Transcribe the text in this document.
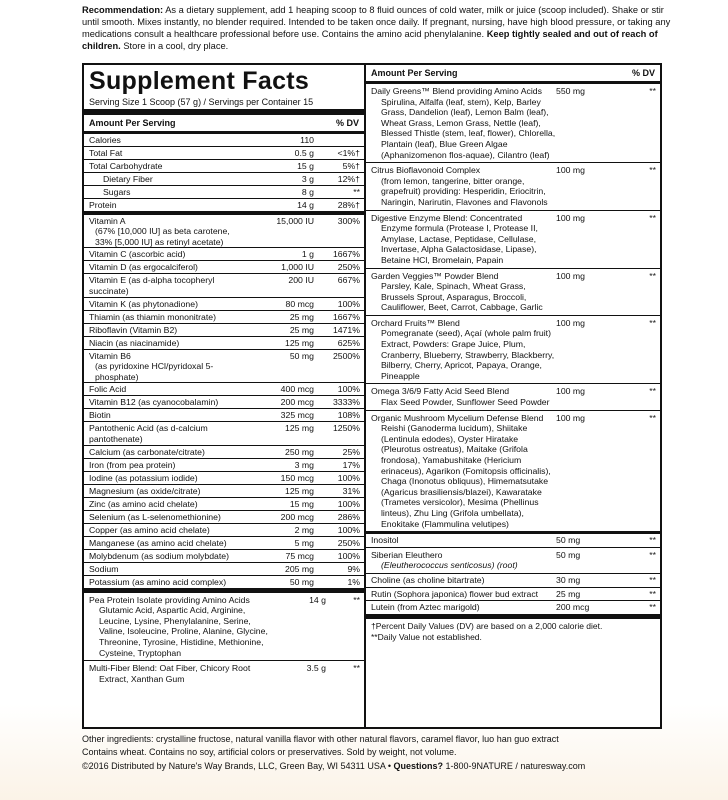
Recommendation: As a dietary supplement, add 1 heaping scoop to 8 fluid ounces of cold water, milk or juice (scoop included). Shake or stir until smooth. Mixes instantly, no blender required. Intended to be taken once daily. If pregnant, nursing, have high blood pressure, or taking any medications consult a healthcare professional before use. Contains the amino acid phenylalanine. Keep tightly sealed and out of reach of children. Store in a cool, dry place.
Supplement Facts
Serving Size 1 Scoop (57 g) / Servings per Container 15
Amount Per Serving	% DV
Calories	110
Total Fat	0.5 g	<1%†
Total Carbohydrate	15 g	5%†
Dietary Fiber	3 g	12%†
Sugars	8 g	**
Protein	14 g	28%†
Vitamin A
(67% [10,000 IU] as beta carotene,
33% [5,000 IU] as retinyl acetate)
15,000 IU	300%
Vitamin C (ascorbic acid)	1 g	1667%
Vitamin D (as ergocalciferol)	1,000 IU	250%
Vitamin E (as d-alpha tocopheryl succinate)
200 IU	667%
Vitamin K (as phytonadione)	80 mcg	100%
Thiamin (as thiamin mononitrate)	25 mg	1667%
Riboflavin (Vitamin B2)	25 mg	1471%
Niacin (as niacinamide)	125 mg	625%
Vitamin B6
(as pyridoxine HCl/pyridoxal 5-phosphate)
50 mg	2500%
Folic Acid	400 mcg	100%
Vitamin B12 (as cyanocobalamin)	200 mcg	3333%
Biotin	325 mcg	108%
Pantothenic Acid (as d-calcium pantothenate)
125 mg	1250%
Calcium (as carbonate/citrate)	250 mg	25%
Iron (from pea protein)	3 mg	17%
Iodine (as potassium iodide)	150 mcg	100%
Magnesium (as oxide/citrate)	125 mg	31%
Zinc (as amino acid chelate)	15 mg	100%
Selenium (as L-selenomethionine)	200 mcg	286%
Copper (as amino acid chelate)	2 mg	100%
Manganese (as amino acid chelate)	5 mg	250%
Molybdenum (as sodium molybdate)	75 mcg	100%
Sodium	205 mg	9%
Potassium (as amino acid complex)	50 mg	1%
Pea Protein Isolate providing Amino Acids
Glutamic Acid, Aspartic Acid, Arginine, Leucine, Lysine, Phenylalanine, Serine, Valine, Isoleucine, Proline, Alanine, Glycine, Threonine, Tyrosine, Histidine, Methionine, Cysteine, Tryptophan
14 g	**
Multi-Fiber Blend: Oat Fiber, Chicory Root
Extract, Xanthan Gum
3.5 g	**
Amount Per Serving	% DV
Daily Greens™ Blend providing Amino Acids
Spirulina, Alfalfa (leaf, stem), Kelp, Barley Grass, Dandelion (leaf), Lemon Balm (leaf), Wheat Grass, Lemon Grass, Nettle (leaf), Blessed Thistle (stem, leaf, flower), Chlorella, Plantain (leaf), Blue Green Algae (Aphanizomenon flos-aquae), Cilantro (leaf)
550 mg	**
Citrus Bioflavonoid Complex
(from lemon, tangerine, bitter orange, grapefruit) providing: Hesperidin, Eriocitrin, Naringin, Narirutin, Flavones and Flavonols
100 mg	**
Digestive Enzyme Blend: Concentrated
Enzyme formula (Protease I, Protease II, Amylase, Lactase, Peptidase, Cellulase, Invertase, Alpha Galactosidase, Lipase), Betaine HCl, Bromelain, Papain
100 mg	**
Garden Veggies™ Powder Blend
Parsley, Kale, Spinach, Wheat Grass, Brussels Sprout, Asparagus, Broccoli, Cauliflower, Beet, Carrot, Cabbage, Garlic
100 mg	**
Orchard Fruits™ Blend
Pomegranate (seed), Açaí (whole palm fruit) Extract, Powders: Grape Juice, Plum, Cranberry, Blueberry, Strawberry, Blackberry, Bilberry, Cherry, Apricot, Papaya, Orange, Pineapple
100 mg	**
Omega 3/6/9 Fatty Acid Seed Blend
Flax Seed Powder, Sunflower Seed Powder
100 mg	**
Organic Mushroom Mycelium Defense Blend
Reishi (Ganoderma lucidum), Shiitake (Lentinula edodes), Oyster Hiratake (Pleurotus ostreatus), Maitake (Grifola frondosa), Yamabushitake (Hericium erinaceus), Agarikon (Fomitopsis officinalis), Chaga (Inonotus obliquus), Himematsutake (Agaricus brasiliensis/blazei), Kawaratake (Trametes versicolor), Mesima (Phellinus linteus), Zhu Ling (Grifola umbellata), Enokitake (Flammulina velutipes)
100 mg	**
Inositol	50 mg	**
Siberian Eleuthero
(Eleutherococcus senticosus) (root)
50 mg	**
Choline (as choline bitartrate)	30 mg	**
Rutin (Sophora japonica) flower bud extract	25 mg	**
Lutein (from Aztec marigold)	200 mcg	**
†Percent Daily Values (DV) are based on a 2,000 calorie diet.
**Daily Value not established.
Other ingredients: crystalline fructose, natural vanilla flavor with other natural flavors, caramel flavor, luo han guo extract
Contains wheat. Contains no soy, artificial colors or preservatives. Sold by weight, not volume.
©2016 Distributed by Nature's Way Brands, LLC, Green Bay, WI 54311 USA • Questions? 1-800-9NATURE / naturesway.com
